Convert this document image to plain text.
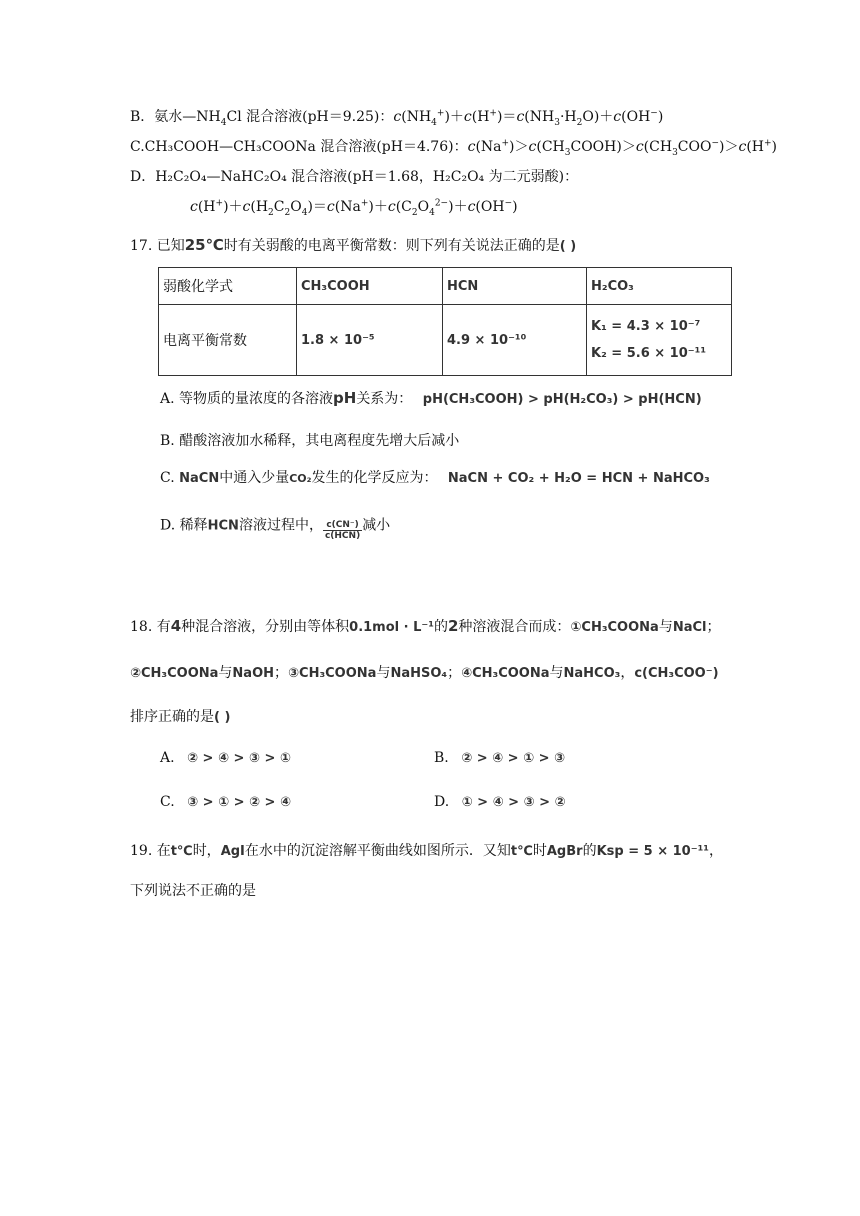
B．氨水$—NH_4Cl$ 混合溶液(pH＝9.25)：$c(NH_4^+)+c(H^+)=c(NH_3\cdot H_2O)+c(OH^-)$
C.CH₃COOH—CH₃COONa 混合溶液(pH＝4.76)：$c(Na^+)>c(CH_3COOH)>c(CH_3COO^-)>c(H^+)$
D．H₂C₂O₄—NaHC₂O₄ 混合溶液(pH＝1.68，H₂C₂O₄ 为二元弱酸)：
$c(H^+)+c(H_2C_2O_4)=c(Na^+)+c(C_2O_4^{2-})+c(OH^-)$
17. 已知25℃时有关弱酸的电离平衡常数：则下列有关说法正确的是( )
弱酸化学式	CH₃COOH	HCN	H₂CO₃
电离平衡常数	1.8 × 10⁻⁵	4.9 × 10⁻¹⁰	K₁ = 4.3 × 10⁻⁷
K₂ = 5.6 × 10⁻¹¹
A. 等物质的量浓度的各溶液pH关系为： pH(CH₃COOH) > pH(H₂CO₃) > pH(HCN)
B. 醋酸溶液加水稀释，其电离程度先增大后减小
C. NaCN中通入少量CO₂发生的化学反应为： NaCN + CO₂ + H₂O = HCN + NaHCO₃
D. 稀释HCN溶液过程中， $\frac{c(CN^-)}{\text{c(HCN)}}$ 减小
18. 有4种混合溶液，分别由等体积0.1mol · L⁻¹的2种溶液混合而成：①CH₃COONa与NaCl；
②CH₃COONa与NaOH；③CH₃COONa与NaHSO₄；④CH₃COONa与NaHCO₃，c(CH₃COO⁻)
排序正确的是( )
A. ② > ④ > ③ > ①	B. ② > ④ > ① > ③
C. ③ > ① > ② > ④	D. ① > ④ > ③ > ②
19. 在t℃时，AgI在水中的沉淀溶解平衡曲线如图所示．又知t℃时AgBr的Ksp = 5 × 10⁻¹¹，
下列说法不正确的是
